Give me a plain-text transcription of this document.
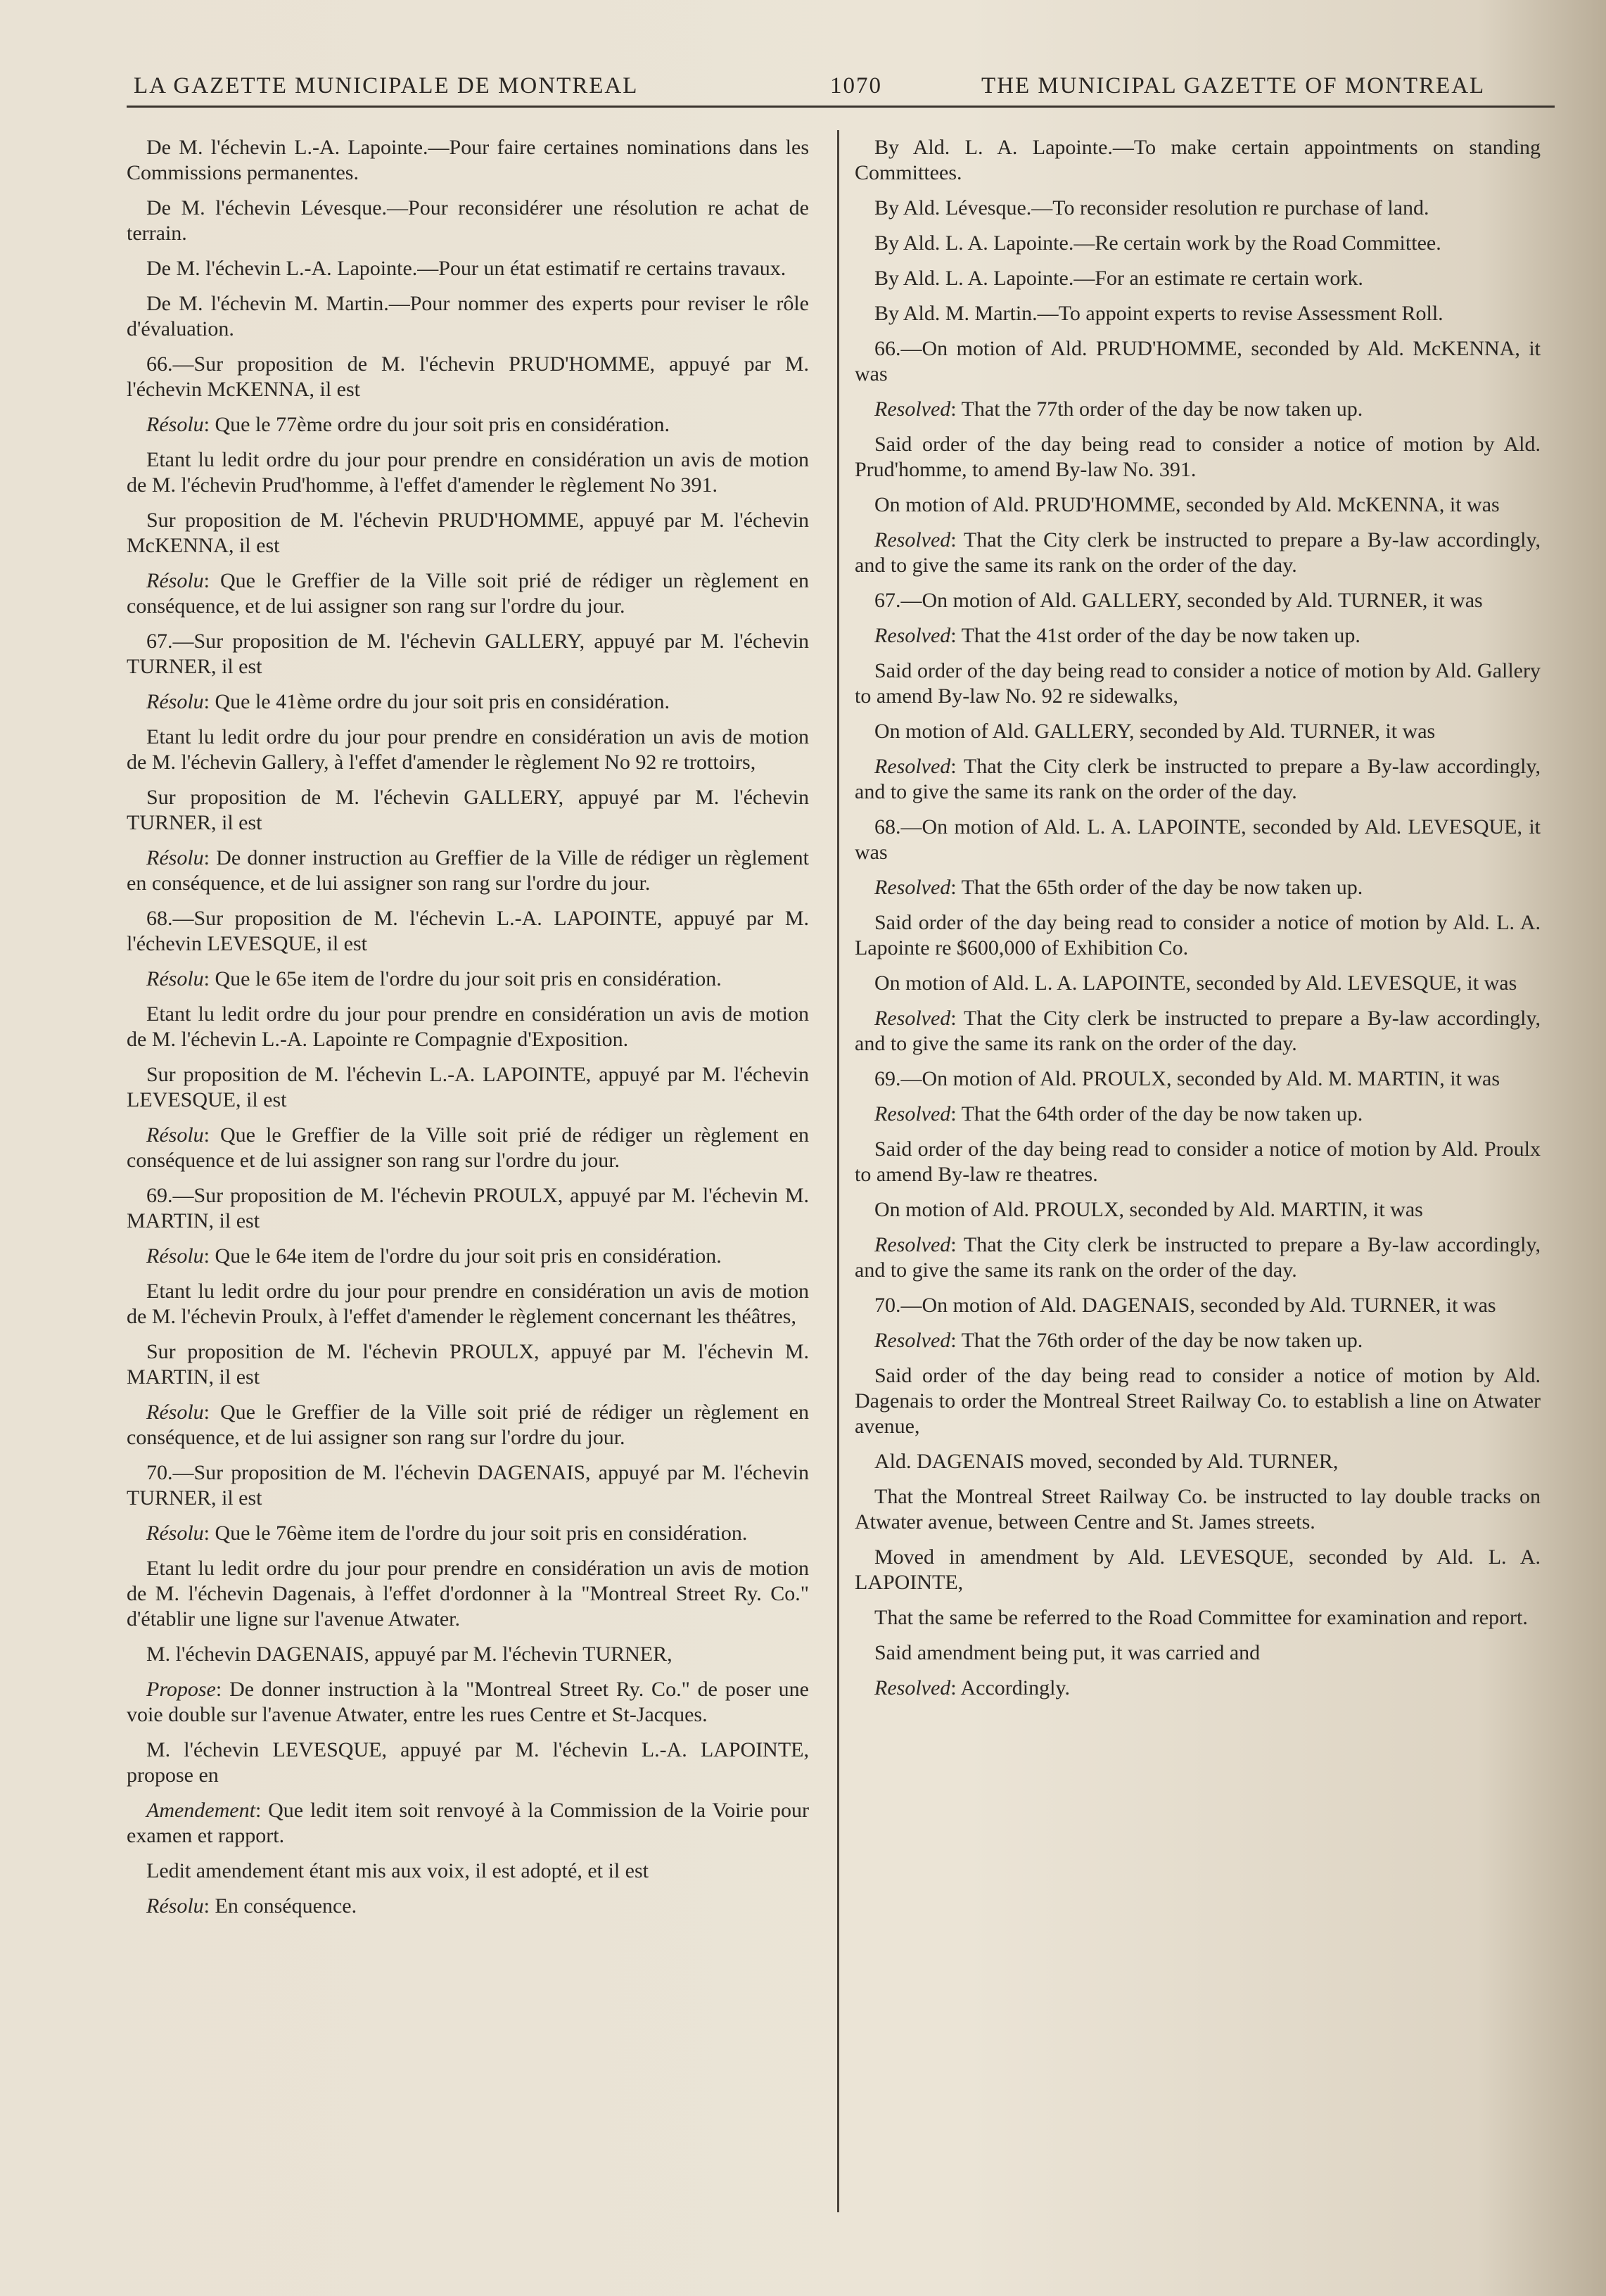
LA GAZETTE MUNICIPALE DE MONTREAL	1070	THE MUNICIPAL GAZETTE OF MONTREAL

De M. l'échevin L.-A. Lapointe.—Pour faire certaines nominations dans les Commissions permanentes.

De M. l'échevin Lévesque.—Pour reconsidérer une résolution re achat de terrain.

De M. l'échevin L.-A. Lapointe.—Pour un état estimatif re certains travaux.

De M. l'échevin M. Martin.—Pour nommer des experts pour reviser le rôle d'évaluation.

66.—Sur proposition de M. l'échevin PRUD'HOMME, appuyé par M. l'échevin McKENNA, il est

Résolu: Que le 77ème ordre du jour soit pris en considération.

Etant lu ledit ordre du jour pour prendre en considération un avis de motion de M. l'échevin Prud'homme, à l'effet d'amender le règlement No 391.

Sur proposition de M. l'échevin PRUD'HOMME, appuyé par M. l'échevin McKENNA, il est

Résolu: Que le Greffier de la Ville soit prié de rédiger un règlement en conséquence, et de lui assigner son rang sur l'ordre du jour.

67.—Sur proposition de M. l'échevin GALLERY, appuyé par M. l'échevin TURNER, il est

Résolu: Que le 41ème ordre du jour soit pris en considération.

Etant lu ledit ordre du jour pour prendre en considération un avis de motion de M. l'échevin Gallery, à l'effet d'amender le règlement No 92 re trottoirs,

Sur proposition de M. l'échevin GALLERY, appuyé par M. l'échevin TURNER, il est

Résolu: De donner instruction au Greffier de la Ville de rédiger un règlement en conséquence, et de lui assigner son rang sur l'ordre du jour.

68.—Sur proposition de M. l'échevin L.-A. LAPOINTE, appuyé par M. l'échevin LEVESQUE, il est

Résolu: Que le 65e item de l'ordre du jour soit pris en considération.

Etant lu ledit ordre du jour pour prendre en considération un avis de motion de M. l'échevin L.-A. Lapointe re Compagnie d'Exposition.

Sur proposition de M. l'échevin L.-A. LAPOINTE, appuyé par M. l'échevin LEVESQUE, il est

Résolu: Que le Greffier de la Ville soit prié de rédiger un règlement en conséquence et de lui assigner son rang sur l'ordre du jour.

69.—Sur proposition de M. l'échevin PROULX, appuyé par M. l'échevin M. MARTIN, il est

Résolu: Que le 64e item de l'ordre du jour soit pris en considération.

Etant lu ledit ordre du jour pour prendre en considération un avis de motion de M. l'échevin Proulx, à l'effet d'amender le règlement concernant les théâtres,

Sur proposition de M. l'échevin PROULX, appuyé par M. l'échevin M. MARTIN, il est

Résolu: Que le Greffier de la Ville soit prié de rédiger un règlement en conséquence, et de lui assigner son rang sur l'ordre du jour.

70.—Sur proposition de M. l'échevin DAGENAIS, appuyé par M. l'échevin TURNER, il est

Résolu: Que le 76ème item de l'ordre du jour soit pris en considération.

Etant lu ledit ordre du jour pour prendre en considération un avis de motion de M. l'échevin Dagenais, à l'effet d'ordonner à la "Montreal Street Ry. Co." d'établir une ligne sur l'avenue Atwater.

M. l'échevin DAGENAIS, appuyé par M. l'échevin TURNER,

Propose: De donner instruction à la "Montreal Street Ry. Co." de poser une voie double sur l'avenue Atwater, entre les rues Centre et St-Jacques.

M. l'échevin LEVESQUE, appuyé par M. l'échevin L.-A. LAPOINTE, propose en

Amendement: Que ledit item soit renvoyé à la Commission de la Voirie pour examen et rapport.

Ledit amendement étant mis aux voix, il est adopté, et il est

Résolu: En conséquence.

By Ald. L. A. Lapointe.—To make certain appointments on standing Committees.

By Ald. Lévesque.—To reconsider resolution re purchase of land.

By Ald. L. A. Lapointe.—Re certain work by the Road Committee.

By Ald. L. A. Lapointe.—For an estimate re certain work.

By Ald. M. Martin.—To appoint experts to revise Assessment Roll.

66.—On motion of Ald. PRUD'HOMME, seconded by Ald. McKENNA, it was

Resolved: That the 77th order of the day be now taken up.

Said order of the day being read to consider a notice of motion by Ald. Prud'homme, to amend By-law No. 391.

On motion of Ald. PRUD'HOMME, seconded by Ald. McKENNA, it was

Resolved: That the City clerk be instructed to prepare a By-law accordingly, and to give the same its rank on the order of the day.

67.—On motion of Ald. GALLERY, seconded by Ald. TURNER, it was

Resolved: That the 41st order of the day be now taken up.

Said order of the day being read to consider a notice of motion by Ald. Gallery to amend By-law No. 92 re sidewalks,

On motion of Ald. GALLERY, seconded by Ald. TURNER, it was

Resolved: That the City clerk be instructed to prepare a By-law accordingly, and to give the same its rank on the order of the day.

68.—On motion of Ald. L. A. LAPOINTE, seconded by Ald. LEVESQUE, it was

Resolved: That the 65th order of the day be now taken up.

Said order of the day being read to consider a notice of motion by Ald. L. A. Lapointe re $600,000 of Exhibition Co.

On motion of Ald. L. A. LAPOINTE, seconded by Ald. LEVESQUE, it was

Resolved: That the City clerk be instructed to prepare a By-law accordingly, and to give the same its rank on the order of the day.

69.—On motion of Ald. PROULX, seconded by Ald. M. MARTIN, it was

Resolved: That the 64th order of the day be now taken up.

Said order of the day being read to consider a notice of motion by Ald. Proulx to amend By-law re theatres.

On motion of Ald. PROULX, seconded by Ald. MARTIN, it was

Resolved: That the City clerk be instructed to prepare a By-law accordingly, and to give the same its rank on the order of the day.

70.—On motion of Ald. DAGENAIS, seconded by Ald. TURNER, it was

Resolved: That the 76th order of the day be now taken up.

Said order of the day being read to consider a notice of motion by Ald. Dagenais to order the Montreal Street Railway Co. to establish a line on Atwater avenue,

Ald. DAGENAIS moved, seconded by Ald. TURNER,

That the Montreal Street Railway Co. be instructed to lay double tracks on Atwater avenue, between Centre and St. James streets.

Moved in amendment by Ald. LEVESQUE, seconded by Ald. L. A. LAPOINTE,

That the same be referred to the Road Committee for examination and report.

Said amendment being put, it was carried and

Resolved: Accordingly.
